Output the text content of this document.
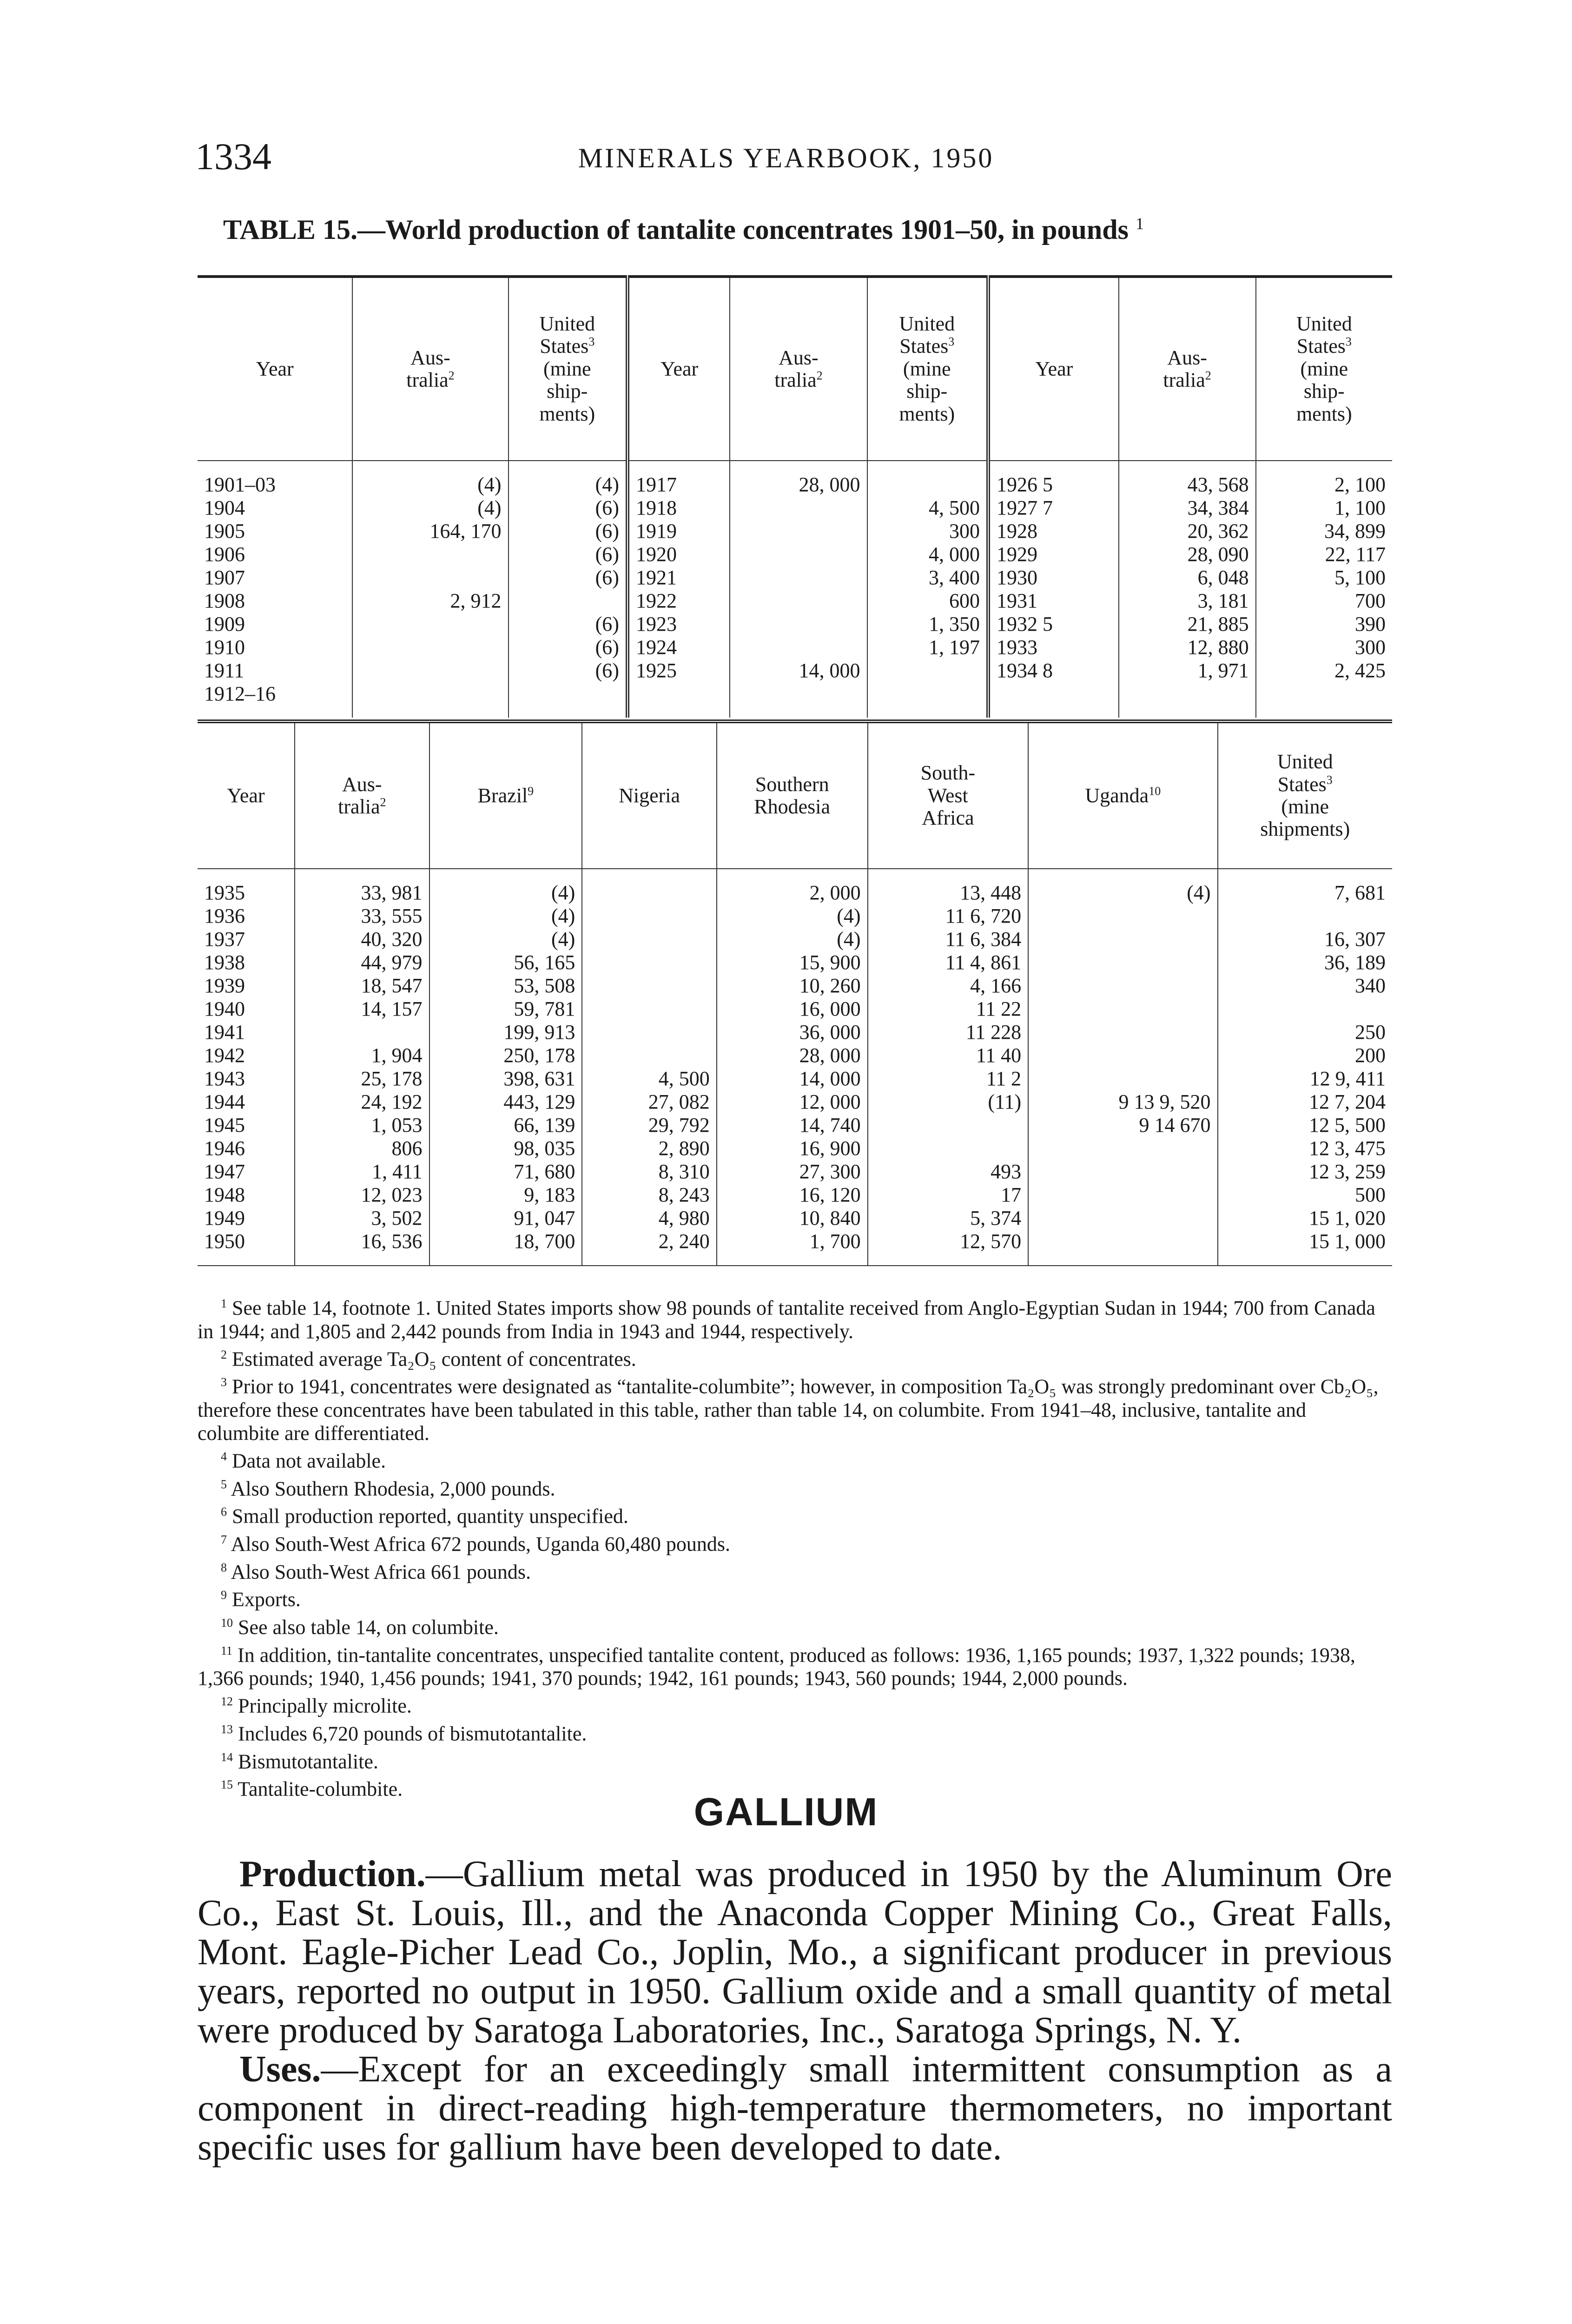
1334	MINERALS YEARBOOK, 1950
TABLE 15.—World production of tantalite concentrates 1901–50, in pounds $^1$
Year	Aus-
tralia$^2$	United
States$^3$
(mine
ship-
ments)	Year	Aus-
tralia$^2$	United
States$^3$
(mine
ship-
ments)	Year	Aus-
tralia$^2$	United
States$^3$
(mine
ship-
ments)

1901–03	(4)	(4)	1917	28, 000		1926 5	43, 568	2, 100
1904	(4)	(6)	1918		4, 500	1927 7	34, 384	1, 100
1905	164, 170	(6)	1919		300	1928	20, 362	34, 899
1906		(6)	1920		4, 000	1929	28, 090	22, 117
1907		(6)	1921		3, 400	1930	6, 048	5, 100
1908	2, 912		1922		600	1931	3, 181	700
1909		(6)	1923		1, 350	1932 5	21, 885	390
1910		(6)	1924		1, 197	1933	12, 880	300
1911		(6)	1925	14, 000		1934 8	1, 971	2, 425
1912–16								

Year	Aus-
tralia$^2$	Brazil$^9$	Nigeria	Southern
Rhodesia	South-
West
Africa	Uganda$^{10}$	United
States$^3$
(mine
shipments)

1935	33, 981	(4)		2, 000	13, 448	(4)	7, 681
1936	33, 555	(4)		(4)	11 6, 720		
1937	40, 320	(4)		(4)	11 6, 384		16, 307
1938	44, 979	56, 165		15, 900	11 4, 861		36, 189
1939	18, 547	53, 508		10, 260	4, 166		340
1940	14, 157	59, 781		16, 000	11 22		
1941		199, 913		36, 000	11 228		250
1942	1, 904	250, 178		28, 000	11 40		200
1943	25, 178	398, 631	4, 500	14, 000	11 2		12 9, 411
1944	24, 192	443, 129	27, 082	12, 000	(11)	9 13 9, 520	12 7, 204
1945	1, 053	66, 139	29, 792	14, 740		9 14 670	12 5, 500
1946	806	98, 035	2, 890	16, 900			12 3, 475
1947	1, 411	71, 680	8, 310	27, 300	493		12 3, 259
1948	12, 023	9, 183	8, 243	16, 120	17		500
1949	3, 502	91, 047	4, 980	10, 840	5, 374		15 1, 020
1950	16, 536	18, 700	2, 240	1, 700	12, 570		15 1, 000

$^1$ See table 14, footnote 1. United States imports show 98 pounds of tantalite received from Anglo-Egyptian Sudan in 1944; 700 from Canada in 1944; and 1,805 and 2,442 pounds from India in 1943 and 1944, respectively.

$^2$ Estimated average Ta₂O₅ content of concentrates.

$^3$ Prior to 1941, concentrates were designated as “tantalite-columbite”; however, in composition Ta₂O₅ was strongly predominant over Cb₂O₅, therefore these concentrates have been tabulated in this table, rather than table 14, on columbite. From 1941–48, inclusive, tantalite and columbite are differentiated.

$^4$ Data not available.

$^5$ Also Southern Rhodesia, 2,000 pounds.

$^6$ Small production reported, quantity unspecified.

$^7$ Also South-West Africa 672 pounds, Uganda 60,480 pounds.

$^8$ Also South-West Africa 661 pounds.

$^9$ Exports.

$^{10}$ See also table 14, on columbite.

$^{11}$ In addition, tin-tantalite concentrates, unspecified tantalite content, produced as follows: 1936, 1,165 pounds; 1937, 1,322 pounds; 1938, 1,366 pounds; 1940, 1,456 pounds; 1941, 370 pounds; 1942, 161 pounds; 1943, 560 pounds; 1944, 2,000 pounds.

$^{12}$ Principally microlite.

$^{13}$ Includes 6,720 pounds of bismutotantalite.

$^{14}$ Bismutotantalite.

$^{15}$ Tantalite-columbite.

GALLIUM

Production.—Gallium metal was produced in 1950 by the Aluminum Ore Co., East St. Louis, Ill., and the Anaconda Copper Mining Co., Great Falls, Mont. Eagle-Picher Lead Co., Joplin, Mo., a significant producer in previous years, reported no output in 1950. Gallium oxide and a small quantity of metal were produced by Saratoga Laboratories, Inc., Saratoga Springs, N. Y.

Uses.—Except for an exceedingly small intermittent consumption as a component in direct-reading high-temperature thermometers, no important specific uses for gallium have been developed to date.
